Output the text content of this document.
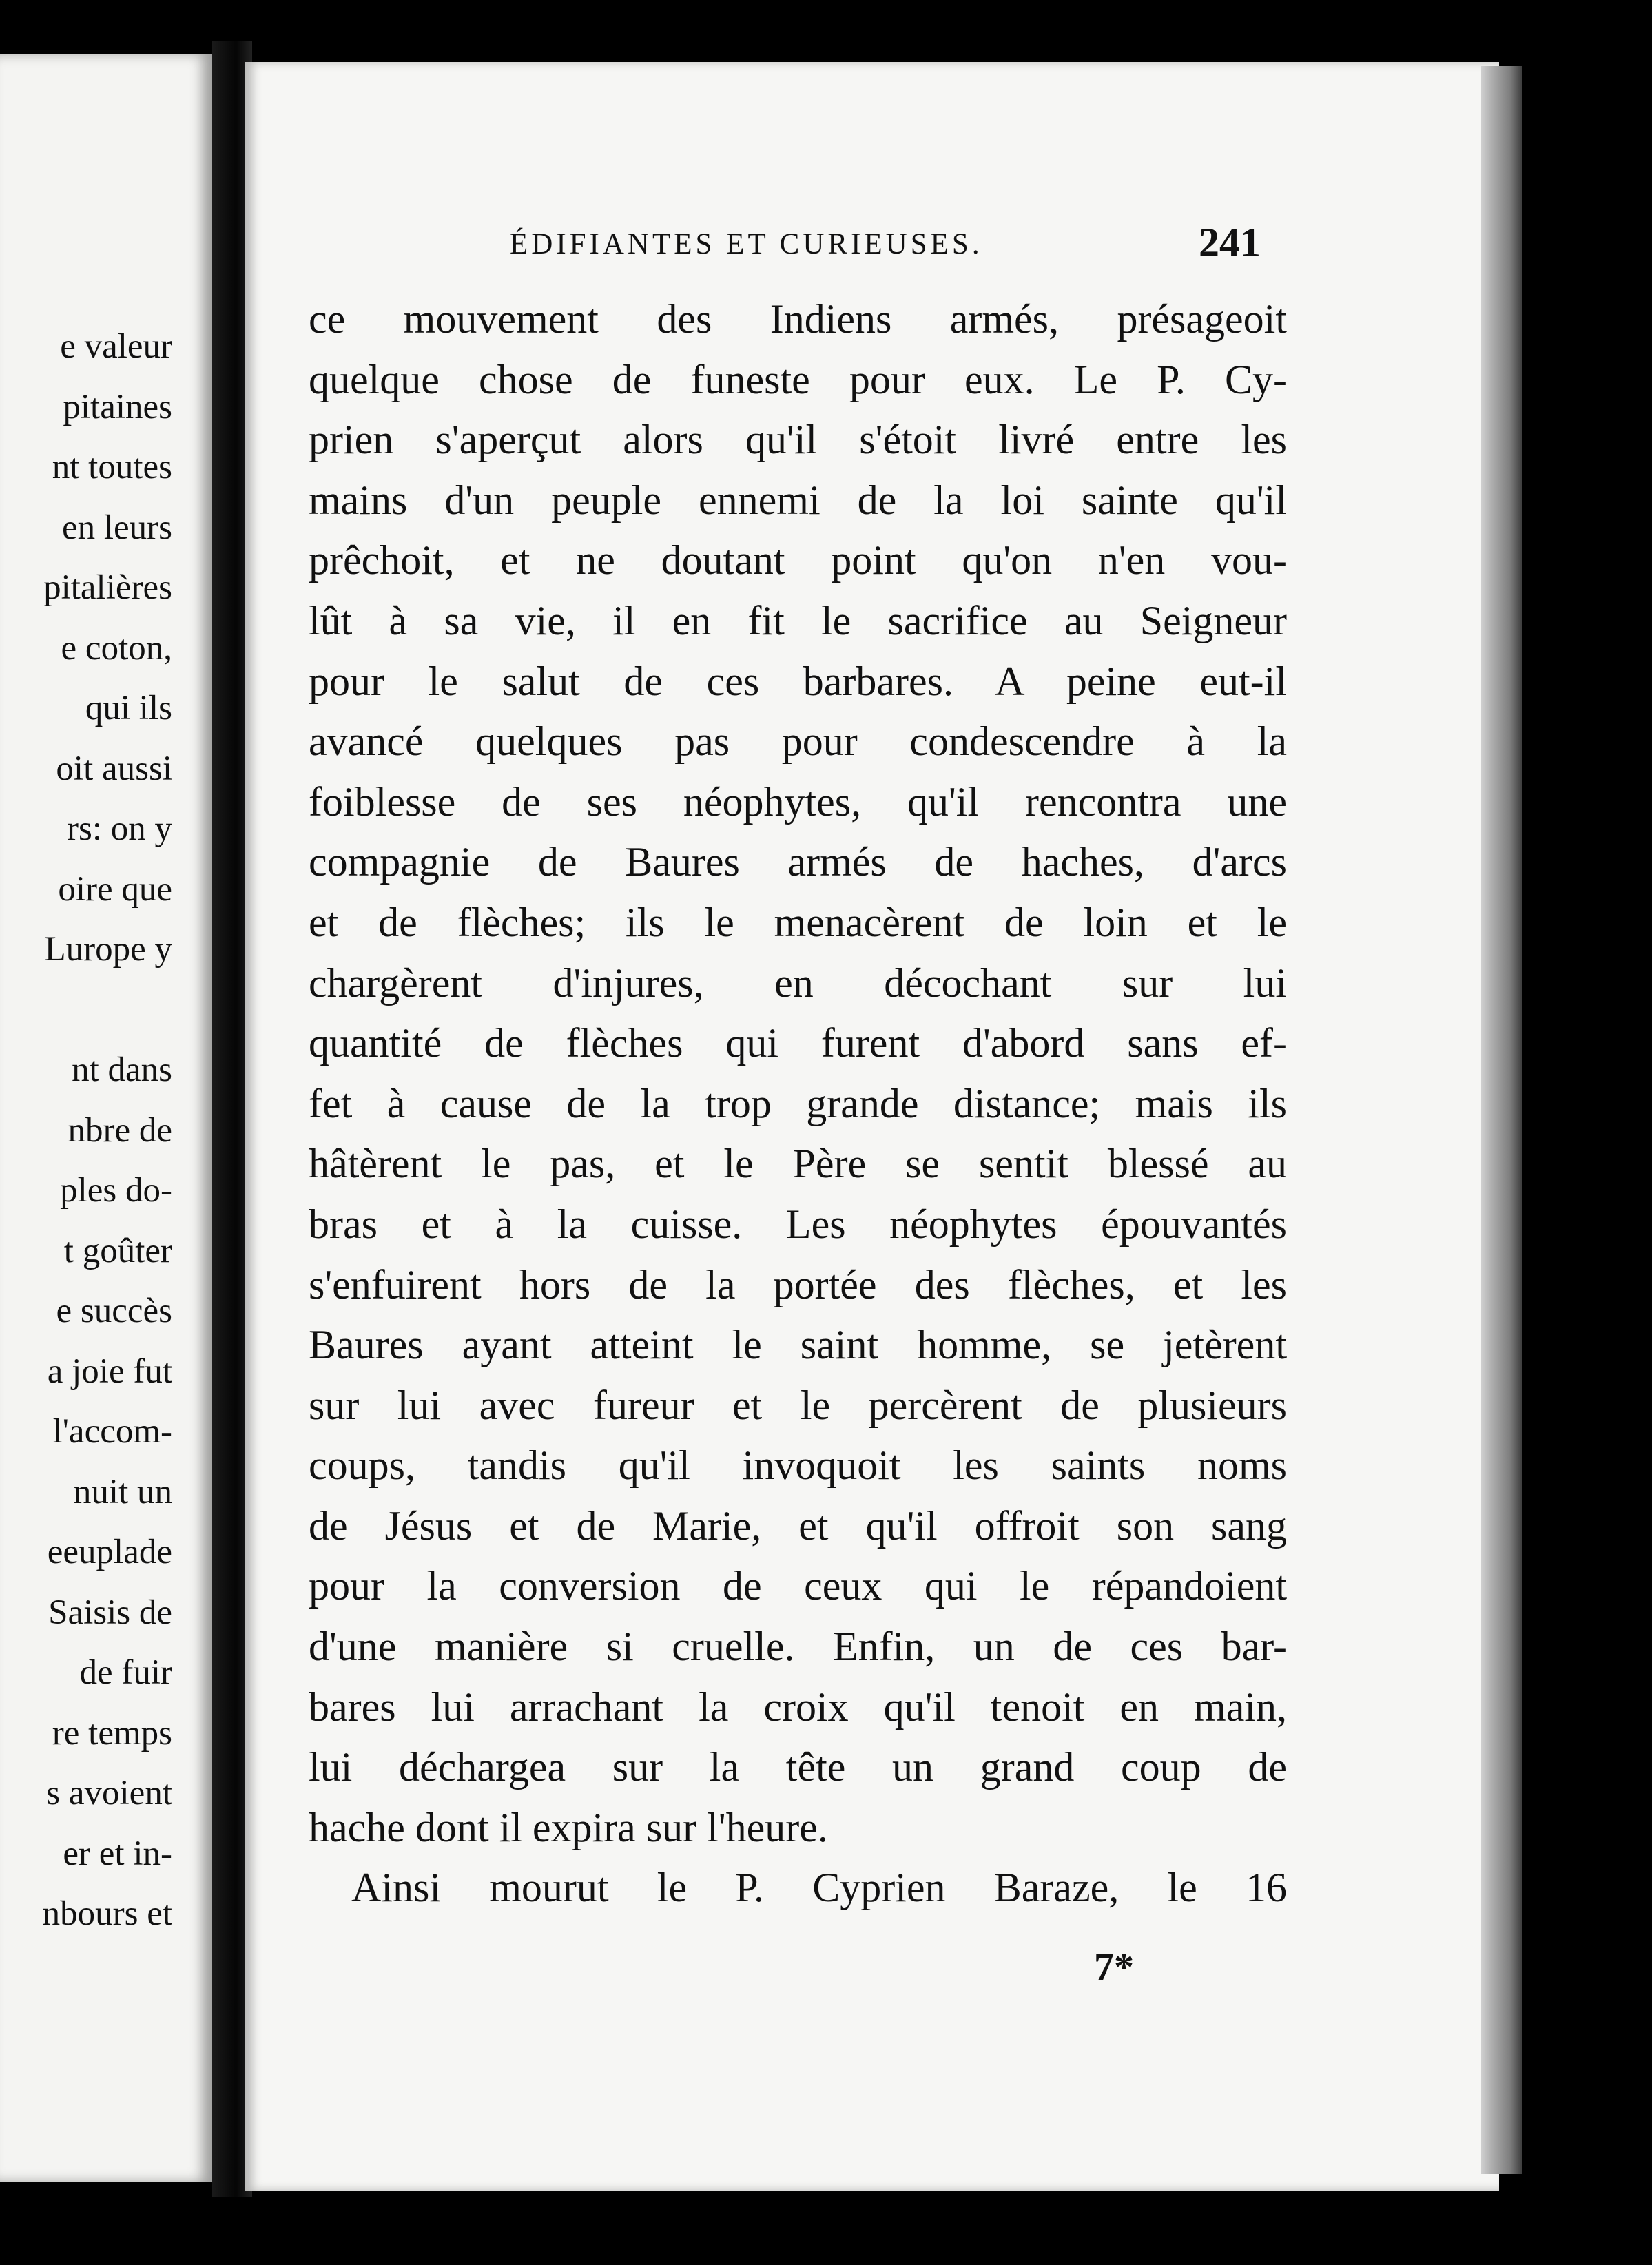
e valeur
pitaines
nt toutes
en leurs
pitalières
e coton,
qui ils
oit aussi
rs: on y
oire que
Lurope y
nt dans
nbre de
ples do-
t goûter
e succès
a joie fut
l'accom-
nuit un
eeuplade
Saisis de
de fuir
re temps
s avoient
er et in-
nbours et
ÉDIFIANTES ET CURIEUSES.	241
ce mouvement des Indiens armés, présageoit
quelque chose de funeste pour eux. Le P. Cy-
prien s'aperçut alors qu'il s'étoit livré entre les
mains d'un peuple ennemi de la loi sainte qu'il
prêchoit, et ne doutant point qu'on n'en vou-
lût à sa vie, il en fit le sacrifice au Seigneur
pour le salut de ces barbares. A peine eut-il
avancé quelques pas pour condescendre à la
foiblesse de ses néophytes, qu'il rencontra une
compagnie de Baures armés de haches, d'arcs
et de flèches; ils le menacèrent de loin et le
chargèrent d'injures, en décochant sur lui
quantité de flèches qui furent d'abord sans ef-
fet à cause de la trop grande distance; mais ils
hâtèrent le pas, et le Père se sentit blessé au
bras et à la cuisse. Les néophytes épouvantés
s'enfuirent hors de la portée des flèches, et les
Baures ayant atteint le saint homme, se jetèrent
sur lui avec fureur et le percèrent de plusieurs
coups, tandis qu'il invoquoit les saints noms
de Jésus et de Marie, et qu'il offroit son sang
pour la conversion de ceux qui le répandoient
d'une manière si cruelle. Enfin, un de ces bar-
bares lui arrachant la croix qu'il tenoit en main,
lui déchargea sur la tête un grand coup de
hache dont il expira sur l'heure.
Ainsi mourut le P. Cyprien Baraze, le 16
7*
